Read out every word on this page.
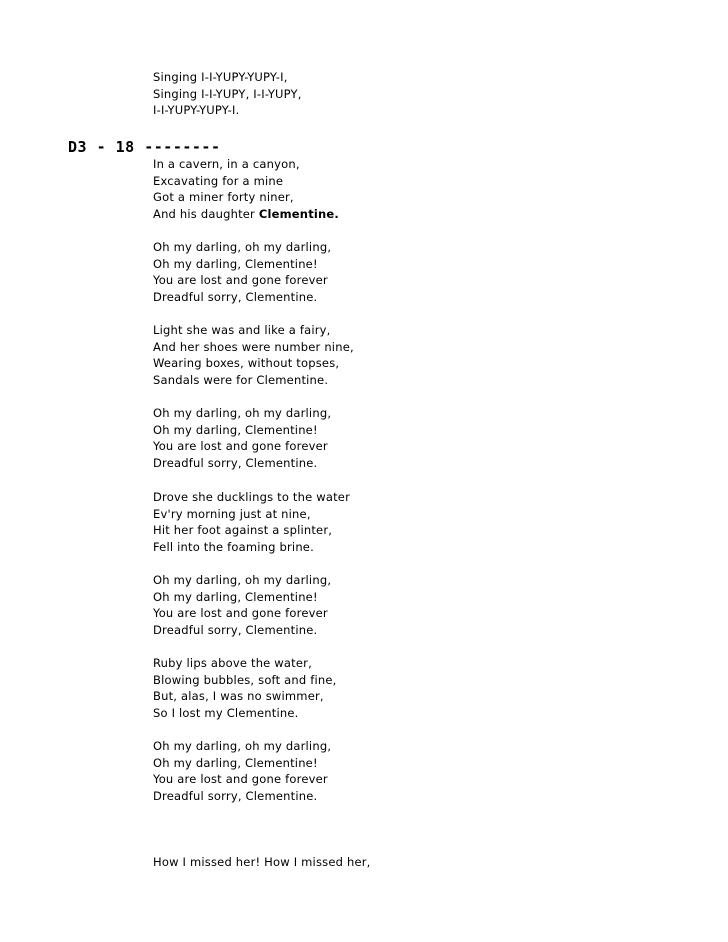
Singing I-I-YUPY-YUPY-I,
Singing I-I-YUPY, I-I-YUPY,
I-I-YUPY-YUPY-I.
D3 - 18 --------
In a cavern, in a canyon,
Excavating for a mine
Got a miner forty niner,
And his daughter Clementine.
Oh my darling, oh my darling,
Oh my darling, Clementine!
You are lost and gone forever
Dreadful sorry, Clementine.
Light she was and like a fairy,
And her shoes were number nine,
Wearing boxes, without topses,
Sandals were for Clementine.
Oh my darling, oh my darling,
Oh my darling, Clementine!
You are lost and gone forever
Dreadful sorry, Clementine.
Drove she ducklings to the water
Ev'ry morning just at nine,
Hit her foot against a splinter,
Fell into the foaming brine.
Oh my darling, oh my darling,
Oh my darling, Clementine!
You are lost and gone forever
Dreadful sorry, Clementine.
Ruby lips above the water,
Blowing bubbles, soft and fine,
But, alas, I was no swimmer,
So I lost my Clementine.
Oh my darling, oh my darling,
Oh my darling, Clementine!
You are lost and gone forever
Dreadful sorry, Clementine.
How I missed her! How I missed her,
